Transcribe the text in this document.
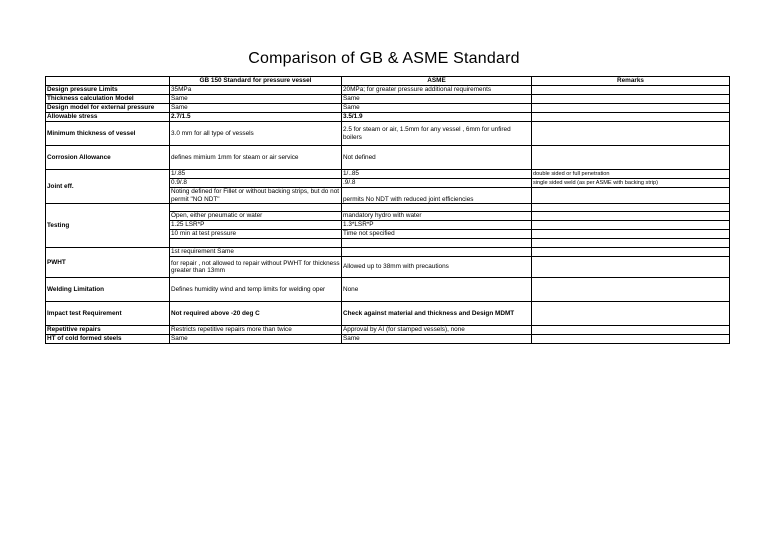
Comparison of GB & ASME Standard
	GB 150 Standard for pressure vessel	ASME	Remarks
Design pressure Limits	35MPa	20MPa; for greater pressure additional requirements	
Thickness calculation Model	Same	Same	
Design model for external pressure	Same	Same	
Allowable stress	2.7/1.5	3.5/1.9	
Minimum thickness of vessel	3.0 mm for all type of vessels	2.5 for steam or air, 1.5mm for any vessel , 6mm for unfired boilers	
Corrosion Allowance	defines mimium 1mm for steam or air service	Not defined	
Joint eff.	1/.85	1/..85	double sided or full penetration
	0.9/.8	.9/.8	single sided weld (as per ASME with backing strip)
	Noting defined for Fillet or without backing strips, but do not permit "NO NDT"	permits No NDT with reduced joint efficiencies	
Testing			
	Open, either pneumatic or water	mandatory hydro with water	
	1.25 LSR*P	1.3*LSR*P	
	10 min at test pressure	Time not specified	

PWHT	1st requirement Same		
	for repair , not allowed to repair without PWHT for thickness greater than 13mm	Allowed up to 38mm with precautions	
Welding Limitation	Defines humidity wind and temp limits for welding oper	None	
Impact test Requirement	Not required above -20 deg C	Check against material and thickness and Design MDMT	
Repetitive repairs	Restricts repetitive repairs more than twice	Approval by AI (for stamped vessels), none	
HT of cold formed steels	Same	Same	
